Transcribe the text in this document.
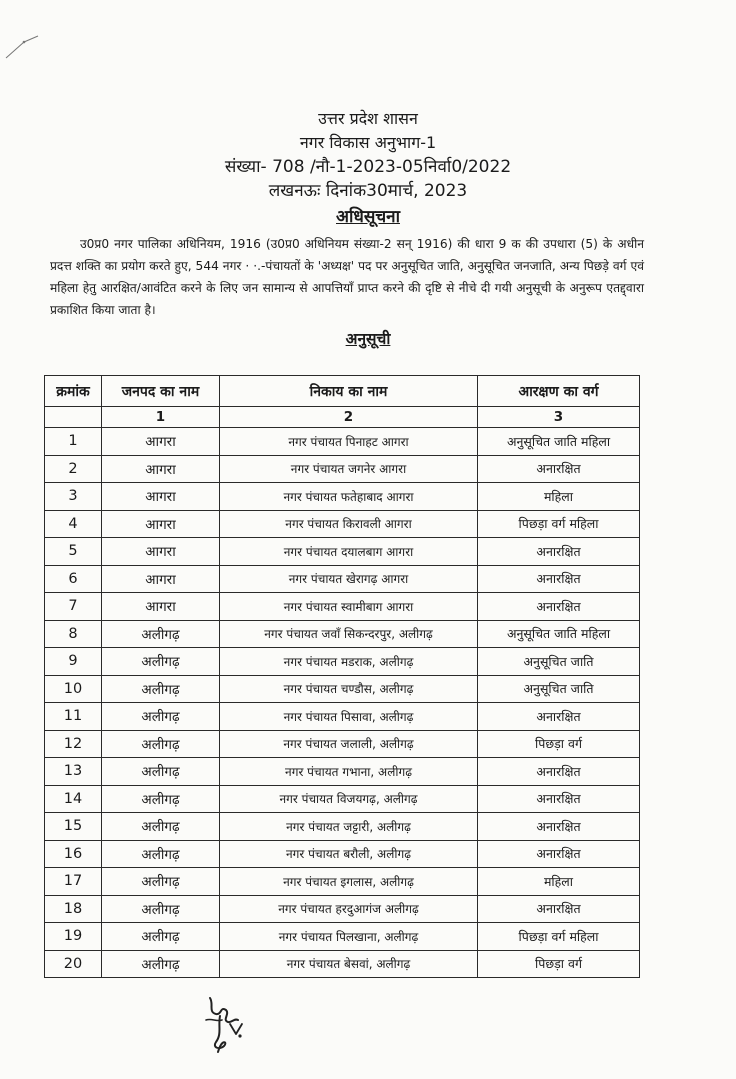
उत्तर प्रदेश शासन
नगर विकास अनुभाग-1
संख्या- 708 /नौ-1-2023-05निर्वा0/2022
लखनऊः दिनांक30मार्च, 2023
अधिसूचना
उ0प्र0 नगर पालिका अधिनियम, 1916 (उ0प्र0 अधिनियम संख्या-2 सन् 1916) की धारा 9 क की उपधारा (5) के अधीन प्रदत्त शक्ति का प्रयोग करते हुए, 544 नगर · ·.-पंचायतों के 'अध्यक्ष' पद पर अनुसूचित जाति, अनुसूचित जनजाति, अन्य पिछड़े वर्ग एवं महिला हेतु आरक्षित/आवंटित करने के लिए जन सामान्य से आपत्तियाँ प्राप्त करने की दृष्टि से नीचे दी गयी अनुसूची के अनुरूप एतद्द्वारा प्रकाशित किया जाता है।
अनुसूची
क्रमांक	जनपद का नाम	निकाय का नाम	आरक्षण का वर्ग
	1	2	3
1	आगरा	नगर पंचायत पिनाहट आगरा	अनुसूचित जाति महिला
2	आगरा	नगर पंचायत जगनेर आगरा	अनारक्षित
3	आगरा	नगर पंचायत फतेहाबाद आगरा	महिला
4	आगरा	नगर पंचायत किरावली आगरा	पिछड़ा वर्ग महिला
5	आगरा	नगर पंचायत दयालबाग आगरा	अनारक्षित
6	आगरा	नगर पंचायत खेरागढ़ आगरा	अनारक्षित
7	आगरा	नगर पंचायत स्वामीबाग आगरा	अनारक्षित
8	अलीगढ़	नगर पंचायत जवाँ सिकन्दरपुर, अलीगढ़	अनुसूचित जाति महिला
9	अलीगढ़	नगर पंचायत मडराक, अलीगढ़	अनुसूचित जाति
10	अलीगढ़	नगर पंचायत चण्डौस, अलीगढ़	अनुसूचित जाति
11	अलीगढ़	नगर पंचायत पिसावा, अलीगढ़	अनारक्षित
12	अलीगढ़	नगर पंचायत जलाली, अलीगढ़	पिछड़ा वर्ग
13	अलीगढ़	नगर पंचायत गभाना, अलीगढ़	अनारक्षित
14	अलीगढ़	नगर पंचायत विजयगढ़, अलीगढ़	अनारक्षित
15	अलीगढ़	नगर पंचायत जट्टारी, अलीगढ़	अनारक्षित
16	अलीगढ़	नगर पंचायत बरौली, अलीगढ़	अनारक्षित
17	अलीगढ़	नगर पंचायत इगलास, अलीगढ़	महिला
18	अलीगढ़	नगर पंचायत हरदुआगंज अलीगढ़	अनारक्षित
19	अलीगढ़	नगर पंचायत पिलखाना, अलीगढ़	पिछड़ा वर्ग महिला
20	अलीगढ़	नगर पंचायत बेसवां, अलीगढ़	पिछड़ा वर्ग
